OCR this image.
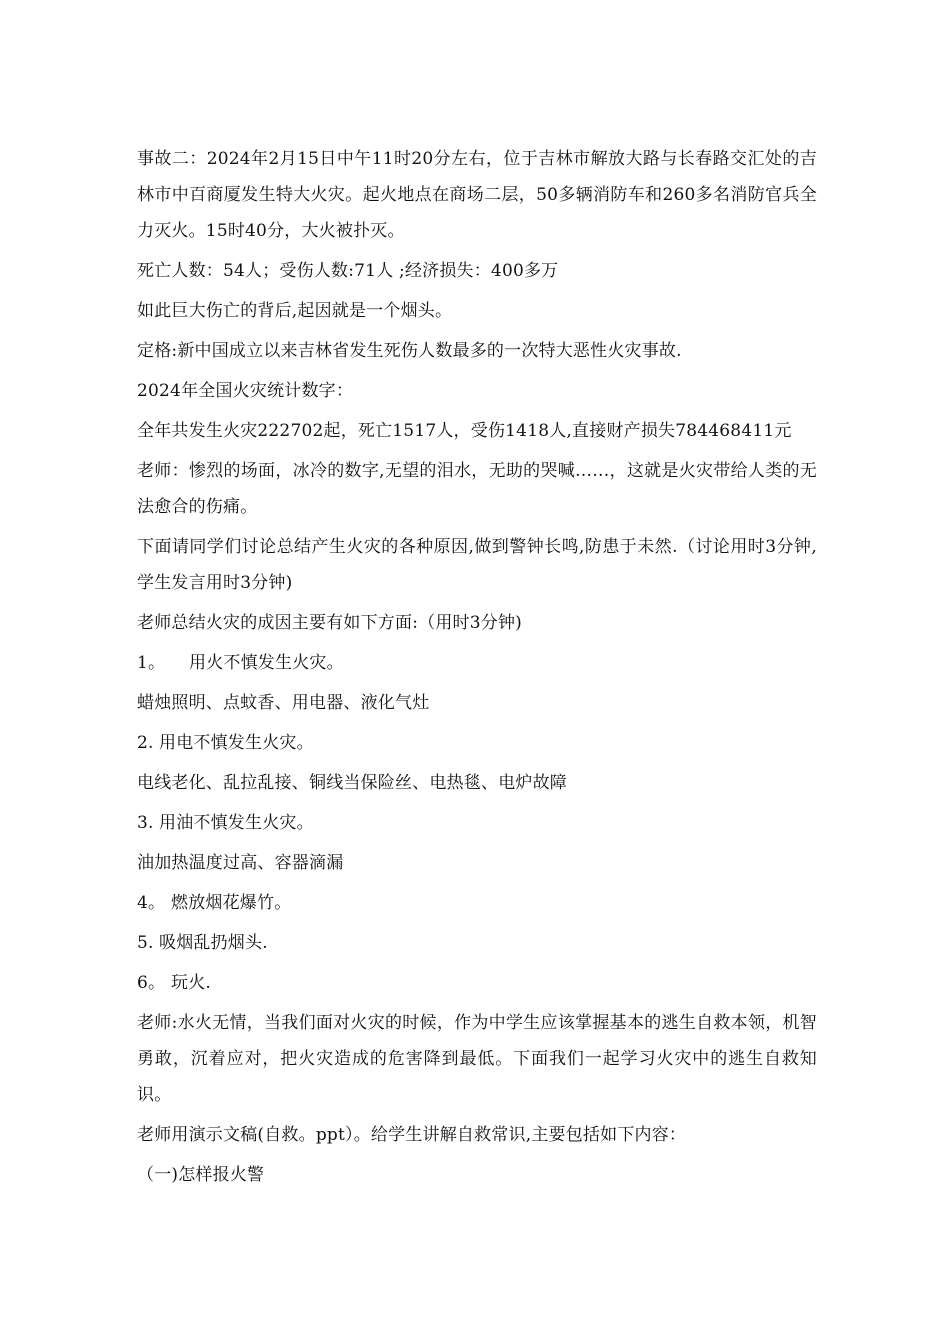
事故二：2024年2月15日中午11时20分左右，位于吉林市解放大路与长春路交汇处的吉林市中百商厦发生特大火灾。起火地点在商场二层，50多辆消防车和260多名消防官兵全力灭火。15时40分，大火被扑灭。

死亡人数：54人；受伤人数:71人 ;经济损失：400多万

如此巨大伤亡的背后,起因就是一个烟头。

定格:新中国成立以来吉林省发生死伤人数最多的一次特大恶性火灾事故.

2024年全国火灾统计数字：

全年共发生火灾222702起，死亡1517人，受伤1418人,直接财产损失784468411元

老师：惨烈的场面，冰冷的数字,无望的泪水，无助的哭喊……，这就是火灾带给人类的无法愈合的伤痛。

下面请同学们讨论总结产生火灾的各种原因,做到警钟长鸣,防患于未然.（讨论用时3分钟,学生发言用时3分钟)

老师总结火灾的成因主要有如下方面:（用时3分钟)

1。 用火不慎发生火灾。

蜡烛照明、点蚊香、用电器、液化气灶

2. 用电不慎发生火灾。

电线老化、乱拉乱接、铜线当保险丝、电热毯、电炉故障

3. 用油不慎发生火灾。

油加热温度过高、容器滴漏

4。 燃放烟花爆竹。

5. 吸烟乱扔烟头.

6。 玩火.

老师:水火无情，当我们面对火灾的时候，作为中学生应该掌握基本的逃生自救本领，机智勇敢，沉着应对，把火灾造成的危害降到最低。下面我们一起学习火灾中的逃生自救知识。

老师用演示文稿(自救。ppt）。给学生讲解自救常识,主要包括如下内容：

（一)怎样报火警
